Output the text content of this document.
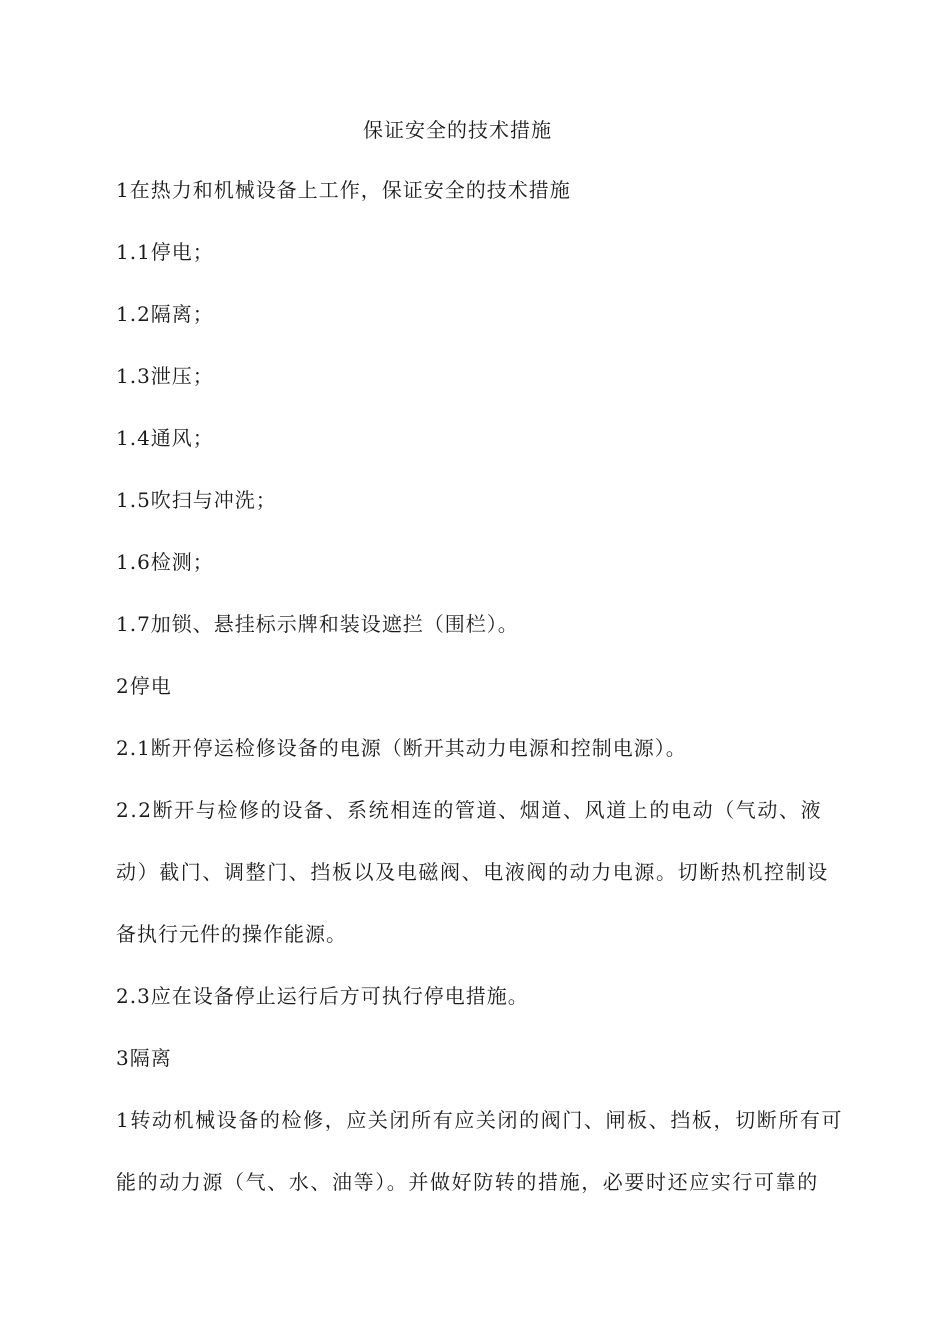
保证安全的技术措施
1在热力和机械设备上工作，保证安全的技术措施
1.1停电；
1.2隔离；
1.3泄压；
1.4通风；
1.5吹扫与冲洗；
1.6检测；
1.7加锁、悬挂标示牌和装设遮拦（围栏）。
2停电
2.1断开停运检修设备的电源（断开其动力电源和控制电源）。
2.2断开与检修的设备、系统相连的管道、烟道、风道上的电动（气动、液
动）截门、调整门、挡板以及电磁阀、电液阀的动力电源。切断热机控制设
备执行元件的操作能源。
2.3应在设备停止运行后方可执行停电措施。
3隔离
1转动机械设备的检修，应关闭所有应关闭的阀门、闸板、挡板，切断所有可
能的动力源（气、水、油等）。并做好防转的措施，必要时还应实行可靠的
